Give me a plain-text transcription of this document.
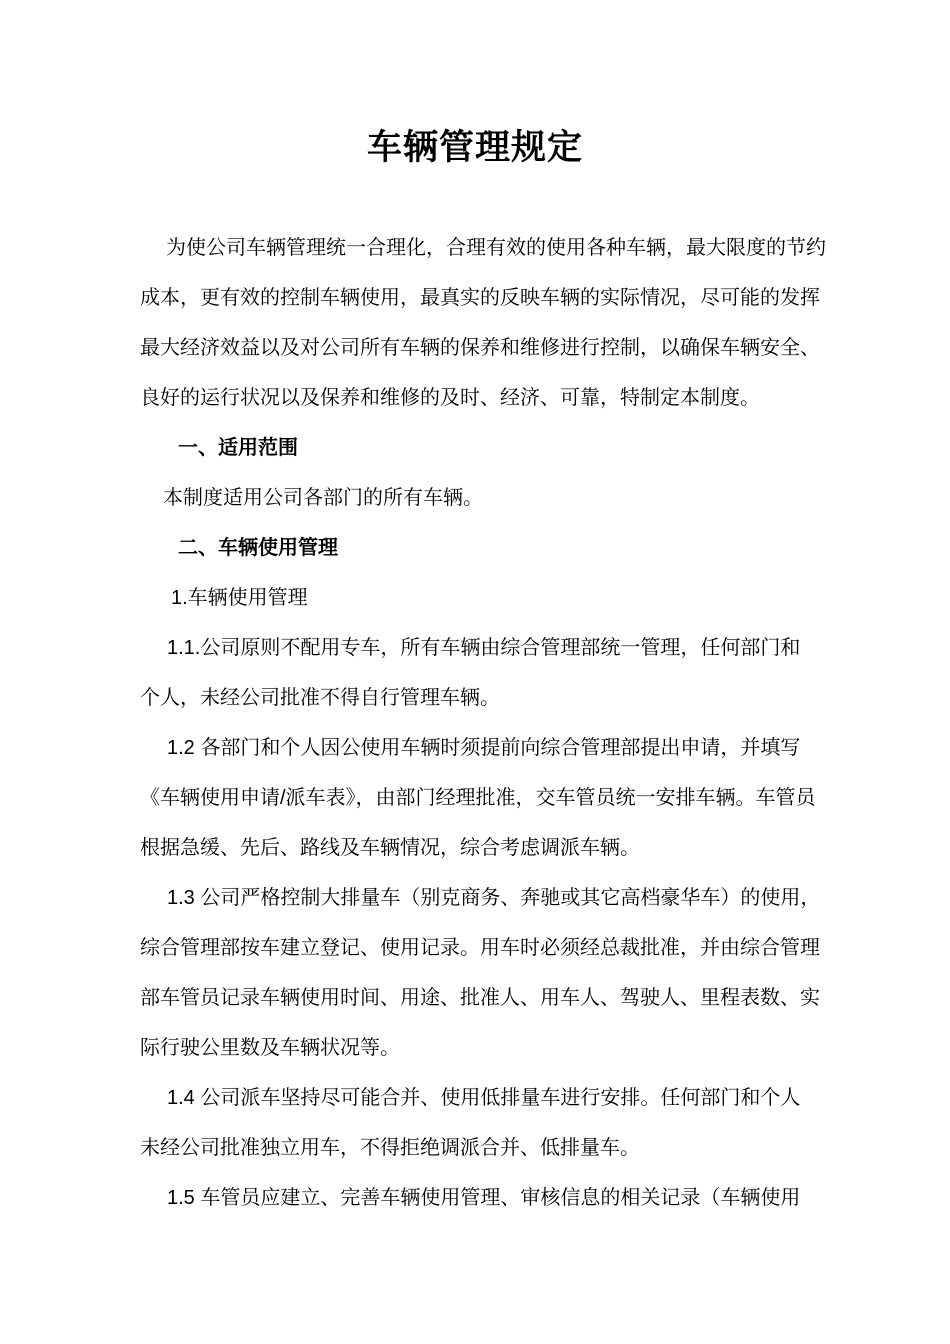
车辆管理规定
为使公司车辆管理统一合理化，合理有效的使用各种车辆，最大限度的节约
成本，更有效的控制车辆使用，最真实的反映车辆的实际情况，尽可能的发挥
最大经济效益以及对公司所有车辆的保养和维修进行控制，以确保车辆安全、
良好的运行状况以及保养和维修的及时、经济、可靠，特制定本制度。
一、适用范围
本制度适用公司各部门的所有车辆。
二、车辆使用管理
1.车辆使用管理
1.1.公司原则不配用专车，所有车辆由综合管理部统一管理，任何部门和
个人，未经公司批准不得自行管理车辆。
1.2 各部门和个人因公使用车辆时须提前向综合管理部提出申请，并填写
《车辆使用申请/派车表》，由部门经理批准，交车管员统一安排车辆。车管员
根据急缓、先后、路线及车辆情况，综合考虑调派车辆。
1.3 公司严格控制大排量车（别克商务、奔驰或其它高档豪华车）的使用，
综合管理部按车建立登记、使用记录。用车时必须经总裁批准，并由综合管理
部车管员记录车辆使用时间、用途、批准人、用车人、驾驶人、里程表数、实
际行驶公里数及车辆状况等。
1.4 公司派车坚持尽可能合并、使用低排量车进行安排。任何部门和个人
未经公司批准独立用车，不得拒绝调派合并、低排量车。
1.5 车管员应建立、完善车辆使用管理、审核信息的相关记录（车辆使用
